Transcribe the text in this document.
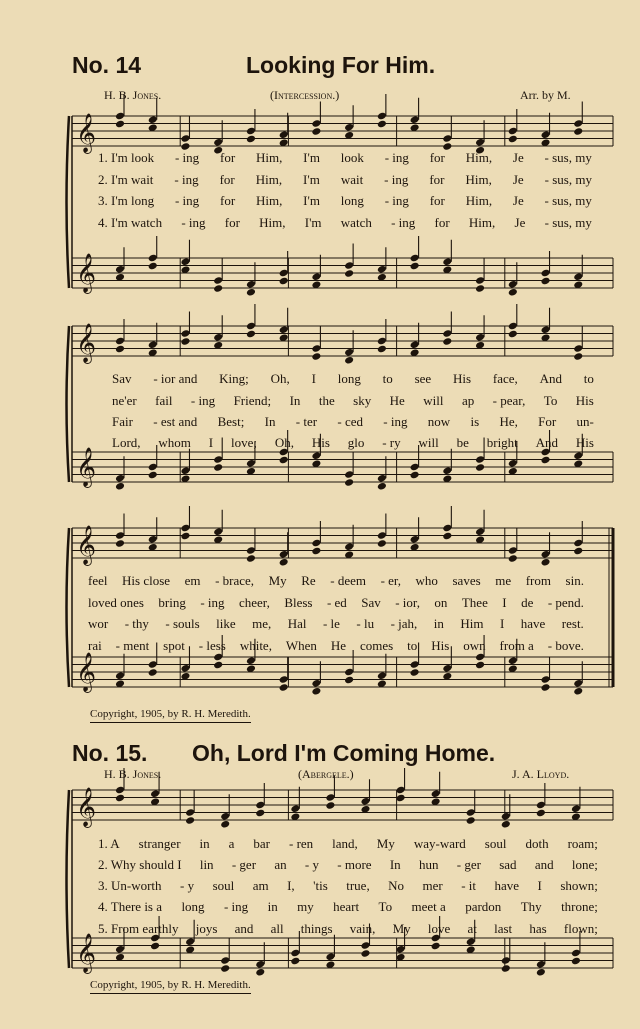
𝄞
𝄞
𝄞
𝄞
𝄞
𝄞
𝄞
𝄞
No. 14	Looking For Him.
H. B. Jones.	(Intercession.)	Arr. by M.
1. I'm look - ing for Him, I'm look - ing for Him, Je - sus, my
2. I'm wait - ing for Him, I'm wait - ing for Him, Je - sus, my
3. I'm long - ing for Him, I'm long - ing for Him, Je - sus, my
4. I'm watch - ing for Him, I'm watch - ing for Him, Je - sus, my
Sav - ior and King; Oh, I long to see His face, And to
ne'er fail - ing Friend; In the sky He will ap - pear, To His
Fair - est and Best; In - ter - ced - ing now is He, For un-
Lord, whom I love; Oh, His glo - ry will be bright And His
feel His close em - brace, My Re - deem - er, who saves me from sin.
loved ones bring - ing cheer, Bless - ed Sav - ior, on Thee I de - pend.
wor - thy - souls like me, Hal - le - lu - jah, in Him I have rest.
rai - ment spot - less white, When He comes to His own from a - bove.
Copyright, 1905, by R. H. Meredith.
No. 15. Oh, Lord I'm Coming Home.
H. B. Jones.	(Abergele.)	J. A. Lloyd.
1. A stranger in a bar - ren land, My way-ward soul doth roam;
2. Why should I lin - ger an - y - more In hun - ger sad and lone;
3. Un-worth - y soul am I, 'tis true, No mer - it have I shown;
4. There is a long - ing in my heart To meet a pardon Thy throne;
5. From earthly joys and all things vain, My love at last has flown;
Copyright, 1905, by R. H. Meredith.
